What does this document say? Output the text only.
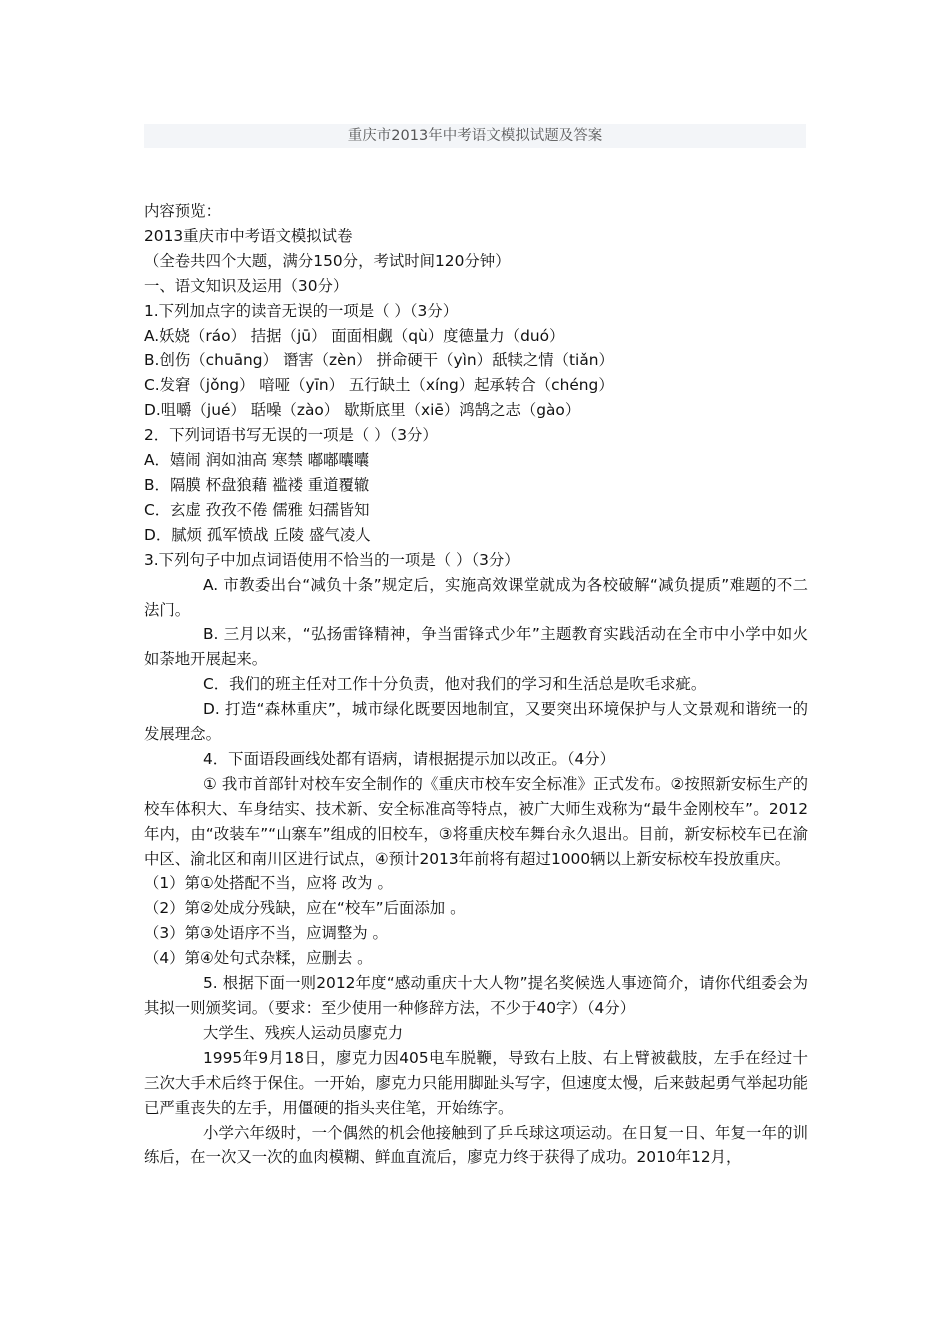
重庆市2013年中考语文模拟试题及答案

内容预览：

2013重庆市中考语文模拟试卷

（全卷共四个大题，满分150分，考试时间120分钟）

一、语文知识及运用（30分）

1.下列加点字的读音无误的一项是（ ）（3分）

A.妖娆（ráo） 拮据（jū） 面面相觑（qù）度德量力（duó）

B.创伤（chuāng） 谮害（zèn） 拼命硬干（yìn）舐犊之情（tiǎn）

C.发窘（jǒng） 喑哑（yīn） 五行缺土（xíng）起承转合（chéng）

D.咀嚼（jué） 聒噪（zào） 歇斯底里（xiē）鸿鹄之志（gào）

2．下列词语书写无误的一项是（ ）（3分）

A．嬉闹 润如油高 寒禁 嘟嘟囔囔

B．隔膜 杯盘狼藉 褴褛 重道覆辙

C．玄虚 孜孜不倦 儒雅 妇孺皆知

D．腻烦 孤军愤战 丘陵 盛气凌人

3.下列句子中加点词语使用不恰当的一项是（ ）（3分）

A. 市教委出台“减负十条”规定后，实施高效课堂就成为各校破解“减负提质”难题的不二法门。

B. 三月以来，“弘扬雷锋精神，争当雷锋式少年”主题教育实践活动在全市中小学中如火如荼地开展起来。

C．我们的班主任对工作十分负责，他对我们的学习和生活总是吹毛求疵。

D. 打造“森林重庆”，城市绿化既要因地制宜，又要突出环境保护与人文景观和谐统一的发展理念。

4．下面语段画线处都有语病，请根据提示加以改正。（4分）

① 我市首部针对校车安全制作的《重庆市校车安全标准》正式发布。②按照新安标生产的校车体积大、车身结实、技术新、安全标准高等特点，被广大师生戏称为“最牛金刚校车”。2012年内，由“改装车”“山寨车”组成的旧校车，③将重庆校车舞台永久退出。目前，新安标校车已在渝中区、渝北区和南川区进行试点，④预计2013年前将有超过1000辆以上新安标校车投放重庆。

（1）第①处搭配不当，应将 改为 。

（2）第②处成分残缺，应在“校车”后面添加 。

（3）第③处语序不当，应调整为 。

（4）第④处句式杂糅，应删去 。

5. 根据下面一则2012年度“感动重庆十大人物”提名奖候选人事迹简介，请你代组委会为其拟一则颁奖词。（要求：至少使用一种修辞方法，不少于40字）（4分）

大学生、残疾人运动员廖克力

1995年9月18日，廖克力因405电车脱鞭，导致右上肢、右上臂被截肢，左手在经过十三次大手术后终于保住。一开始，廖克力只能用脚趾头写字，但速度太慢，后来鼓起勇气举起功能已严重丧失的左手，用僵硬的指头夹住笔，开始练字。

小学六年级时，一个偶然的机会他接触到了乒乓球这项运动。在日复一日、年复一年的训练后，在一次又一次的血肉模糊、鲜血直流后，廖克力终于获得了成功。2010年12月，
